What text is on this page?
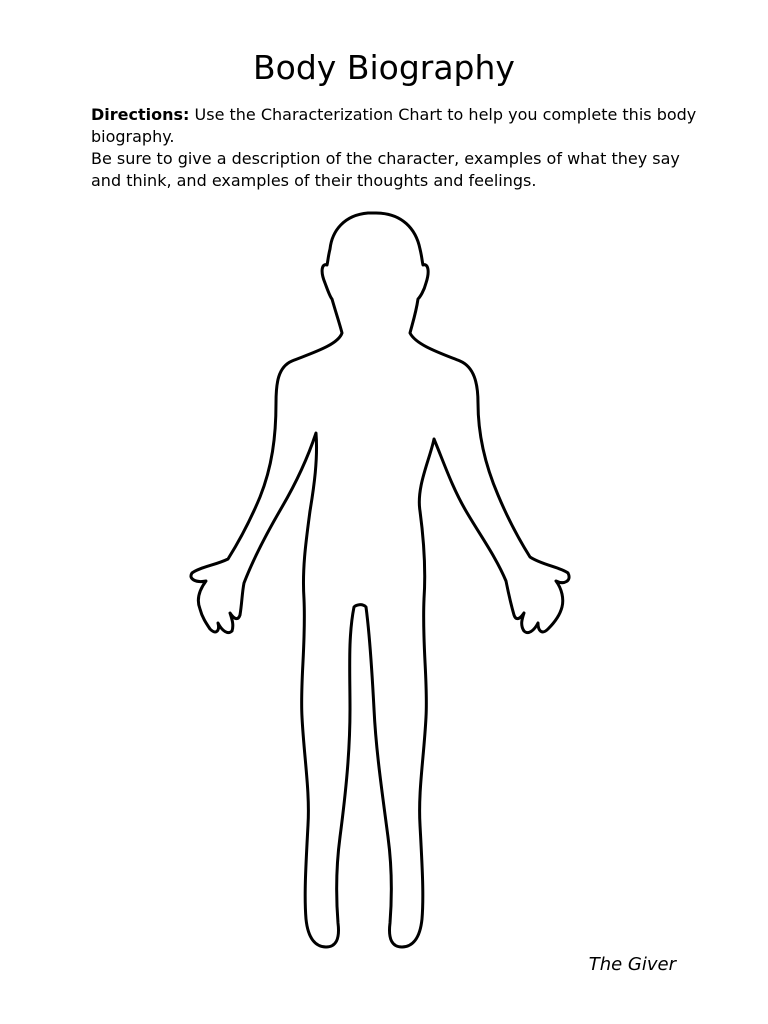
Body Biography

Directions: Use the Characterization Chart to help you complete this body biography.

Be sure to give a description of the character, examples of what they say and think, and examples of their thoughts and feelings.

The Giver
